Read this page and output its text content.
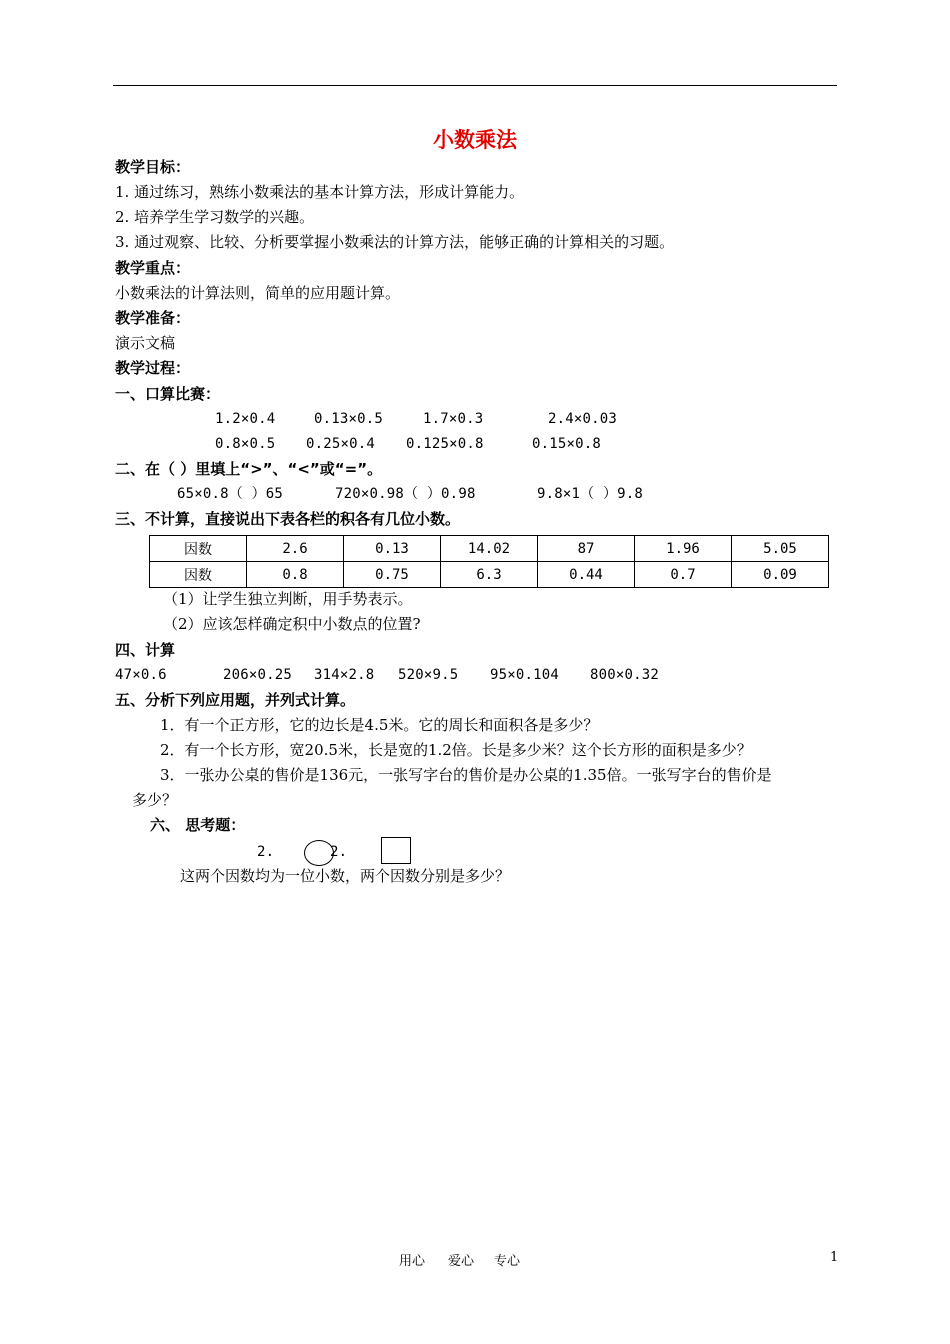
小数乘法
教学目标：
1. 通过练习，熟练小数乘法的基本计算方法，形成计算能力。
2. 培养学生学习数学的兴趣。
3. 通过观察、比较、分析要掌握小数乘法的计算方法，能够正确的计算相关的习题。
教学重点：
小数乘法的计算法则，简单的应用题计算。
教学准备：
演示文稿
教学过程：
一、口算比赛：
1.2×0.4	0.13×0.5	1.7×0.3	2.4×0.03
0.8×0.5 0.25×0.4 0.125×0.8	0.15×0.8
二、在（ ）里填上“>”、“<”或“=”。
65×0.8（ ）65	720×0.98（ ）0.98	9.8×1（ ）9.8
三、不计算，直接说出下表各栏的积各有几位小数。
因数	2.6	0.13	14.02	87	1.96	5.05
因数	0.8	0.75	6.3	0.44	0.7	0.09
（1）让学生独立判断，用手势表示。
（2）应该怎样确定积中小数点的位置?
四、计算
47×0.6	206×0.25 314×2.8 520×9.5 95×0.104 800×0.32
五、分析下列应用题，并列式计算。
1．有一个正方形，它的边长是4.5米。它的周长和面积各是多少？
2．有一个长方形，宽20.5米，长是宽的1.2倍。长是多少米？这个长方形的面积是多少？
3．一张办公桌的售价是136元，一张写字台的售价是办公桌的1.35倍。一张写字台的售价是
多少？
六、 思考题：
2.	2.
这两个因数均为一位小数，两个因数分别是多少？
用心 爱心 专心	1
